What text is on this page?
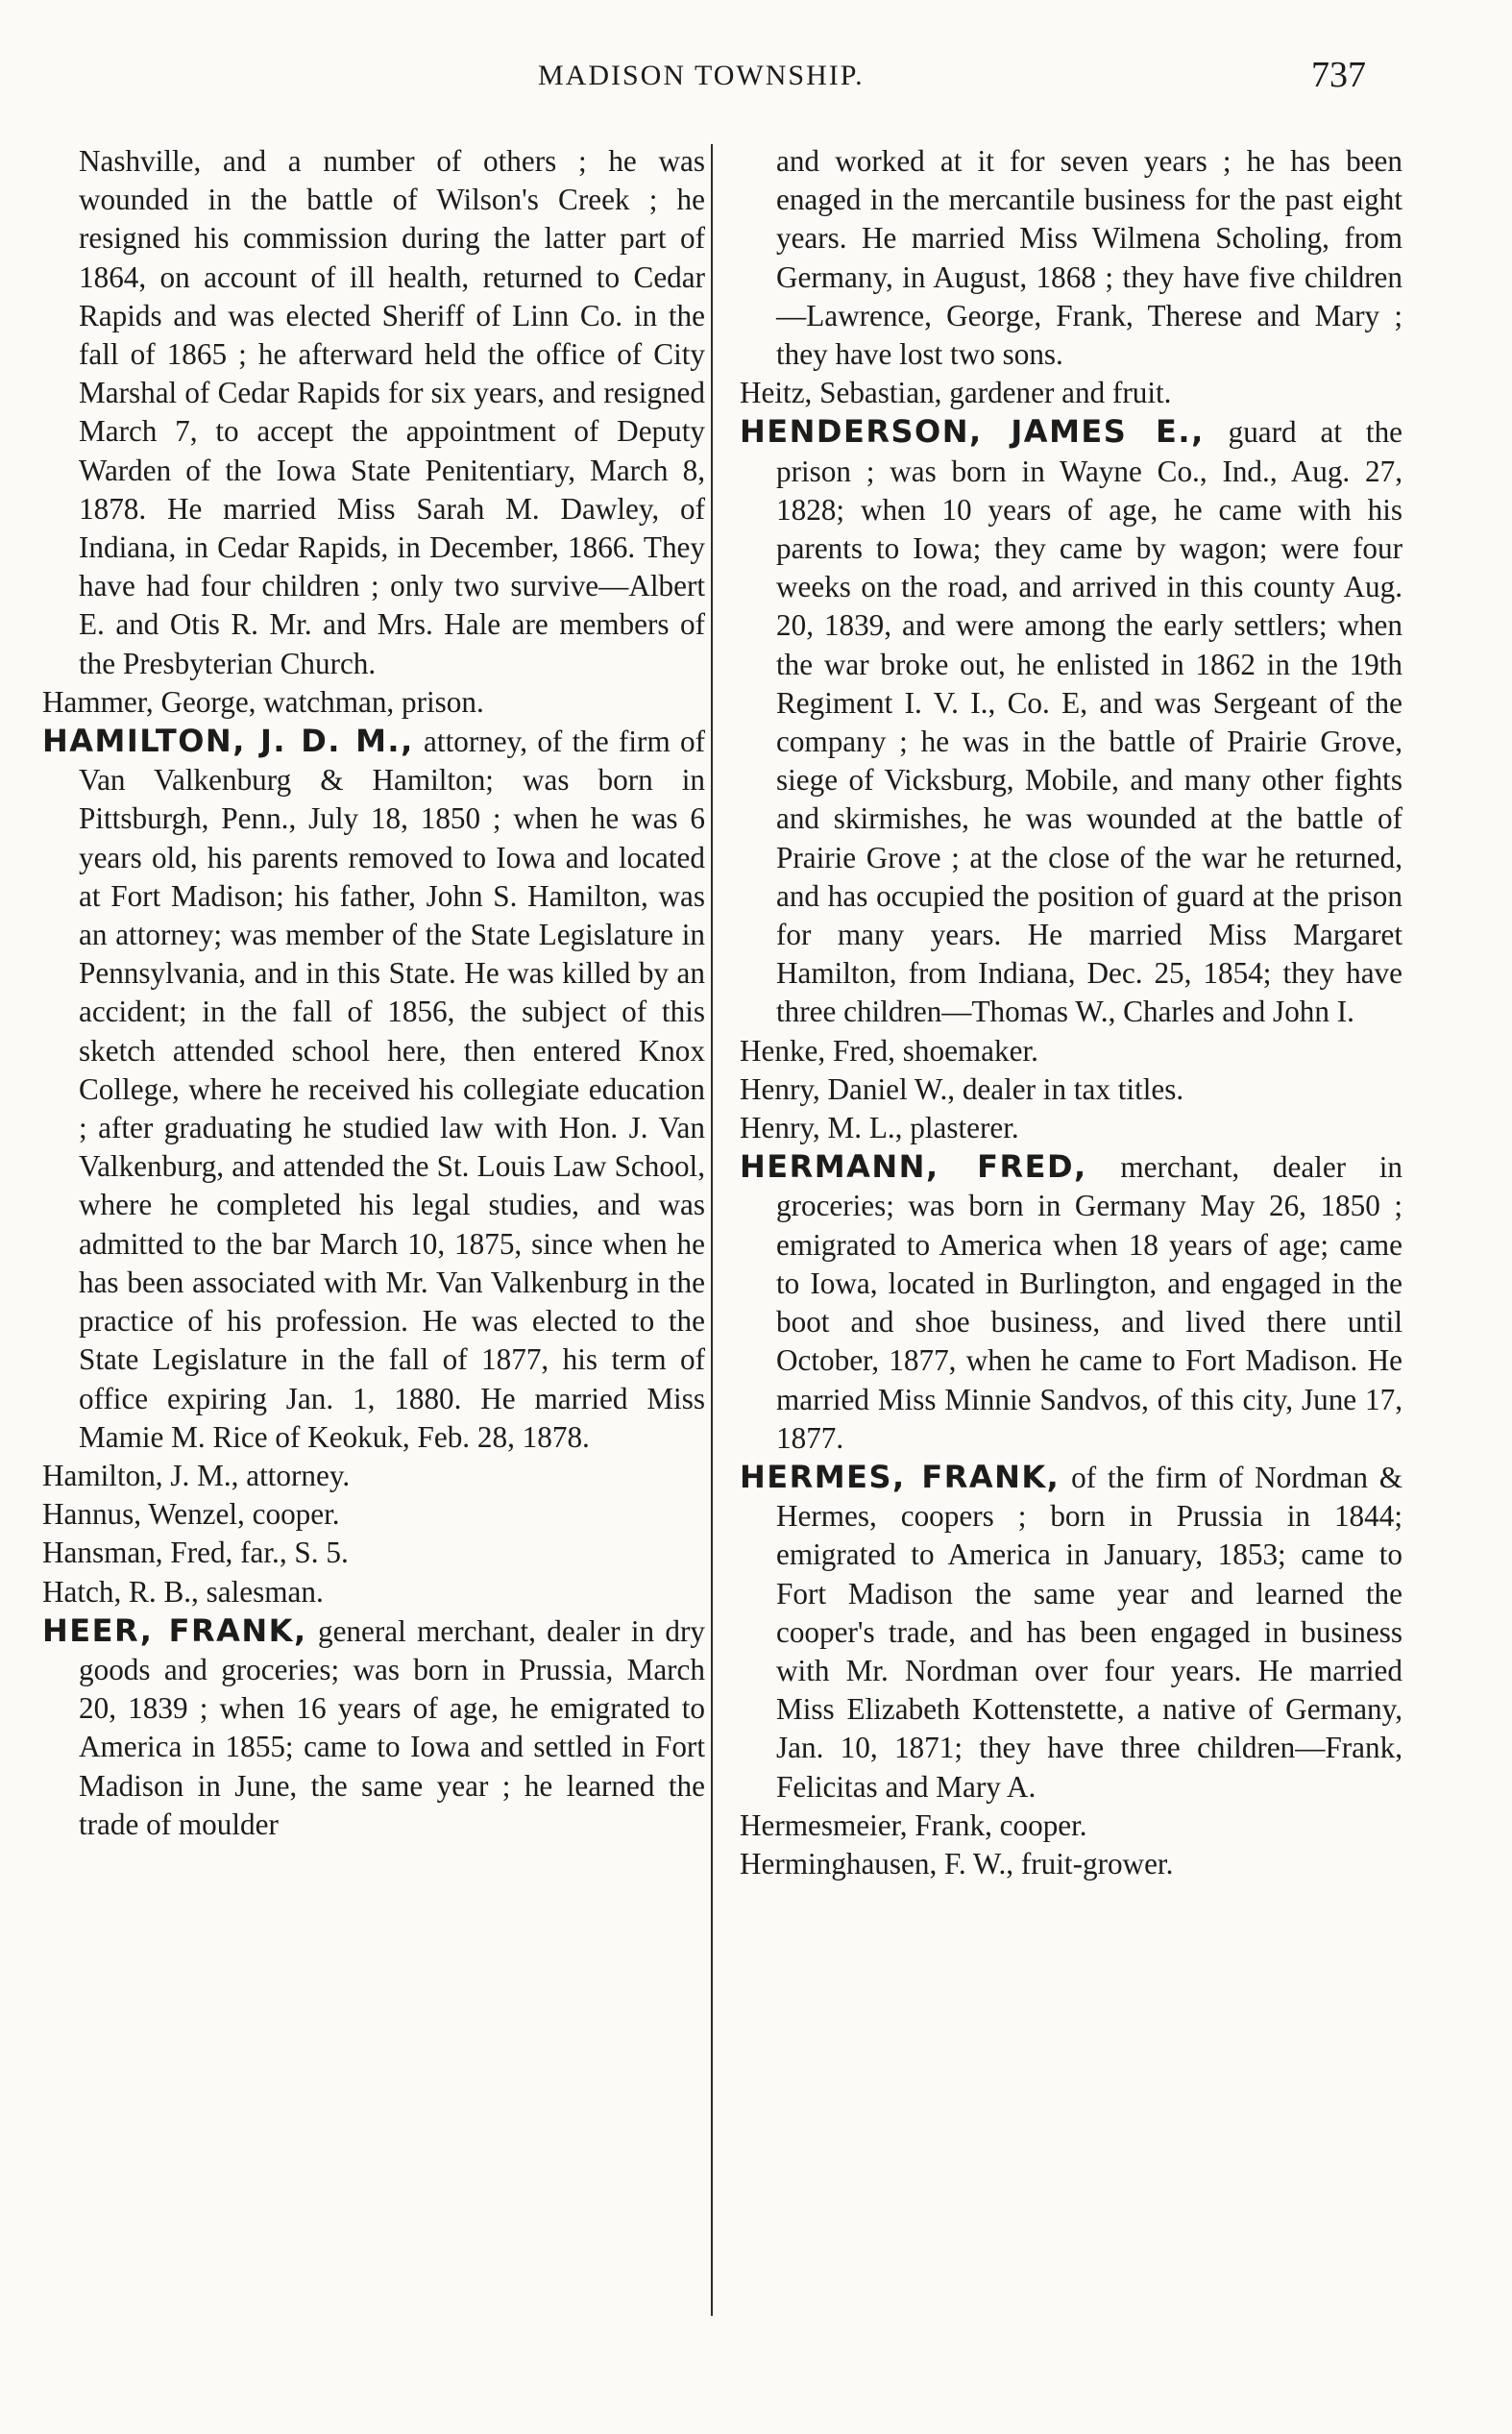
MADISON TOWNSHIP.	737

Nashville, and a number of others ; he was wounded in the battle of Wilson's Creek ; he resigned his commission during the latter part of 1864, on account of ill health, returned to Cedar Rapids and was elected Sheriff of Linn Co. in the fall of 1865 ; he afterward held the office of City Marshal of Cedar Rapids for six years, and resigned March 7, to accept the appointment of Deputy Warden of the Iowa State Penitentiary, March 8, 1878. He married Miss Sarah M. Dawley, of Indiana, in Cedar Rapids, in December, 1866. They have had four children ; only two survive—Albert E. and Otis R. Mr. and Mrs. Hale are members of the Presbyterian Church.

Hammer, George, watchman, prison.

HAMILTON, J. D. M., attorney, of the firm of Van Valkenburg & Hamilton; was born in Pittsburgh, Penn., July 18, 1850 ; when he was 6 years old, his parents removed to Iowa and located at Fort Madison; his father, John S. Hamilton, was an attorney; was member of the State Legislature in Pennsylvania, and in this State. He was killed by an accident; in the fall of 1856, the subject of this sketch attended school here, then entered Knox College, where he received his collegiate education ; after graduating he studied law with Hon. J. Van Valkenburg, and attended the St. Louis Law School, where he completed his legal studies, and was admitted to the bar March 10, 1875, since when he has been associated with Mr. Van Valkenburg in the practice of his profession. He was elected to the State Legislature in the fall of 1877, his term of office expiring Jan. 1, 1880. He married Miss Mamie M. Rice of Keokuk, Feb. 28, 1878.

Hamilton, J. M., attorney.

Hannus, Wenzel, cooper.

Hansman, Fred, far., S. 5.

Hatch, R. B., salesman.

HEER, FRANK, general merchant, dealer in dry goods and groceries; was born in Prussia, March 20, 1839 ; when 16 years of age, he emigrated to America in 1855; came to Iowa and settled in Fort Madison in June, the same year ; he learned the trade of moulder

and worked at it for seven years ; he has been enaged in the mercantile business for the past eight years. He married Miss Wilmena Scholing, from Germany, in August, 1868 ; they have five children—Lawrence, George, Frank, Therese and Mary ; they have lost two sons.

Heitz, Sebastian, gardener and fruit.

HENDERSON, JAMES E., guard at the prison ; was born in Wayne Co., Ind., Aug. 27, 1828; when 10 years of age, he came with his parents to Iowa; they came by wagon; were four weeks on the road, and arrived in this county Aug. 20, 1839, and were among the early settlers; when the war broke out, he enlisted in 1862 in the 19th Regiment I. V. I., Co. E, and was Sergeant of the company ; he was in the battle of Prairie Grove, siege of Vicksburg, Mobile, and many other fights and skirmishes, he was wounded at the battle of Prairie Grove ; at the close of the war he returned, and has occupied the position of guard at the prison for many years. He married Miss Margaret Hamilton, from Indiana, Dec. 25, 1854; they have three children—Thomas W., Charles and John I.

Henke, Fred, shoemaker.

Henry, Daniel W., dealer in tax titles.

Henry, M. L., plasterer.

HERMANN, FRED, merchant, dealer in groceries; was born in Germany May 26, 1850 ; emigrated to America when 18 years of age; came to Iowa, located in Burlington, and engaged in the boot and shoe business, and lived there until October, 1877, when he came to Fort Madison. He married Miss Minnie Sandvos, of this city, June 17, 1877.

HERMES, FRANK, of the firm of Nordman & Hermes, coopers ; born in Prussia in 1844; emigrated to America in January, 1853; came to Fort Madison the same year and learned the cooper's trade, and has been engaged in business with Mr. Nordman over four years. He married Miss Elizabeth Kottenstette, a native of Germany, Jan. 10, 1871; they have three children—Frank, Felicitas and Mary A.

Hermesmeier, Frank, cooper.

Herminghausen, F. W., fruit-grower.
